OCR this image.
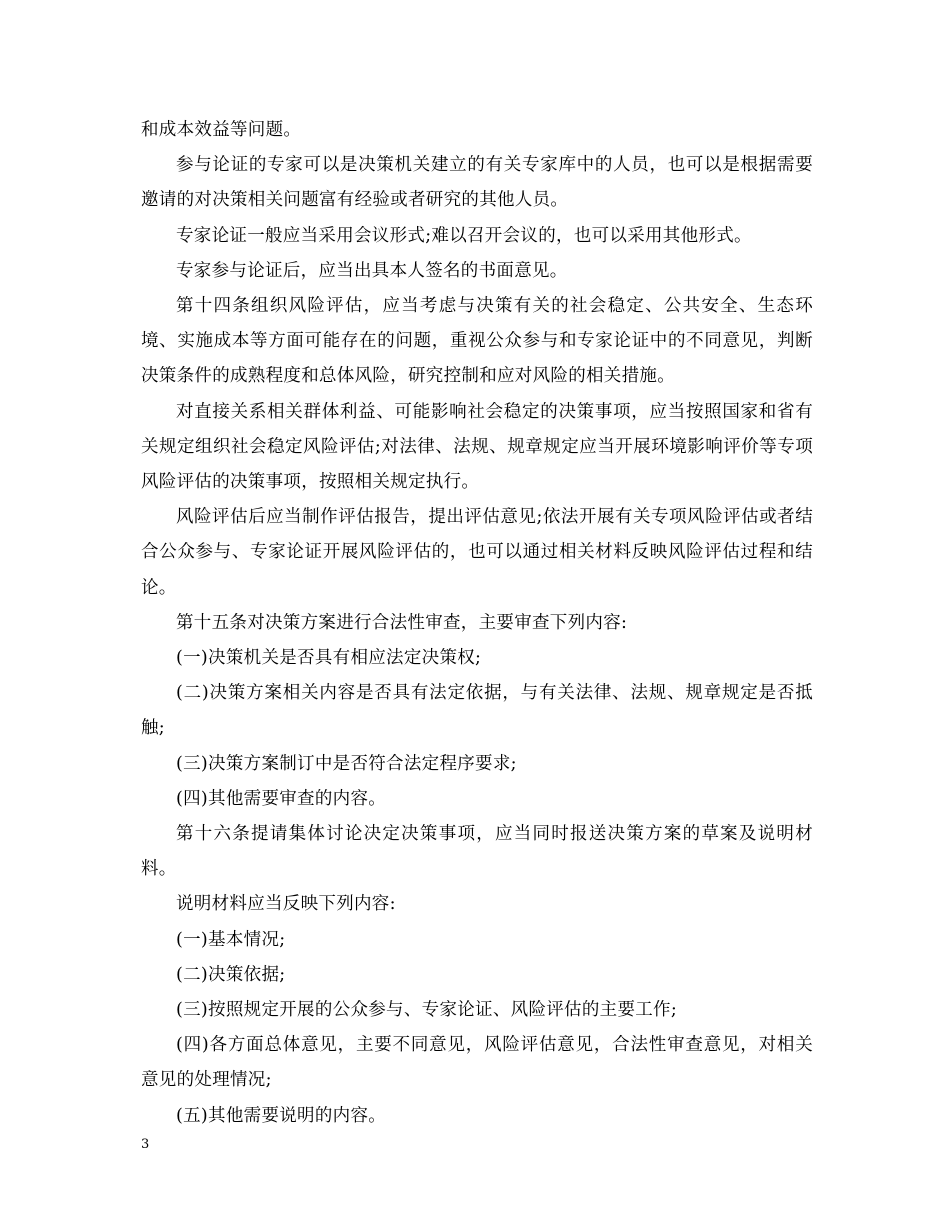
和成本效益等问题。

参与论证的专家可以是决策机关建立的有关专家库中的人员，也可以是根据需要邀请的对决策相关问题富有经验或者研究的其他人员。

专家论证一般应当采用会议形式;难以召开会议的，也可以采用其他形式。

专家参与论证后，应当出具本人签名的书面意见。

第十四条组织风险评估，应当考虑与决策有关的社会稳定、公共安全、生态环境、实施成本等方面可能存在的问题，重视公众参与和专家论证中的不同意见，判断决策条件的成熟程度和总体风险，研究控制和应对风险的相关措施。

对直接关系相关群体利益、可能影响社会稳定的决策事项，应当按照国家和省有关规定组织社会稳定风险评估;对法律、法规、规章规定应当开展环境影响评价等专项风险评估的决策事项，按照相关规定执行。

风险评估后应当制作评估报告，提出评估意见;依法开展有关专项风险评估或者结合公众参与、专家论证开展风险评估的，也可以通过相关材料反映风险评估过程和结论。

第十五条对决策方案进行合法性审查，主要审查下列内容:

(一)决策机关是否具有相应法定决策权;

(二)决策方案相关内容是否具有法定依据，与有关法律、法规、规章规定是否抵触;

(三)决策方案制订中是否符合法定程序要求;

(四)其他需要审查的内容。

第十六条提请集体讨论决定决策事项，应当同时报送决策方案的草案及说明材料。

说明材料应当反映下列内容:

(一)基本情况;

(二)决策依据;

(三)按照规定开展的公众参与、专家论证、风险评估的主要工作;

(四)各方面总体意见，主要不同意见，风险评估意见，合法性审查意见，对相关意见的处理情况;

(五)其他需要说明的内容。

3
